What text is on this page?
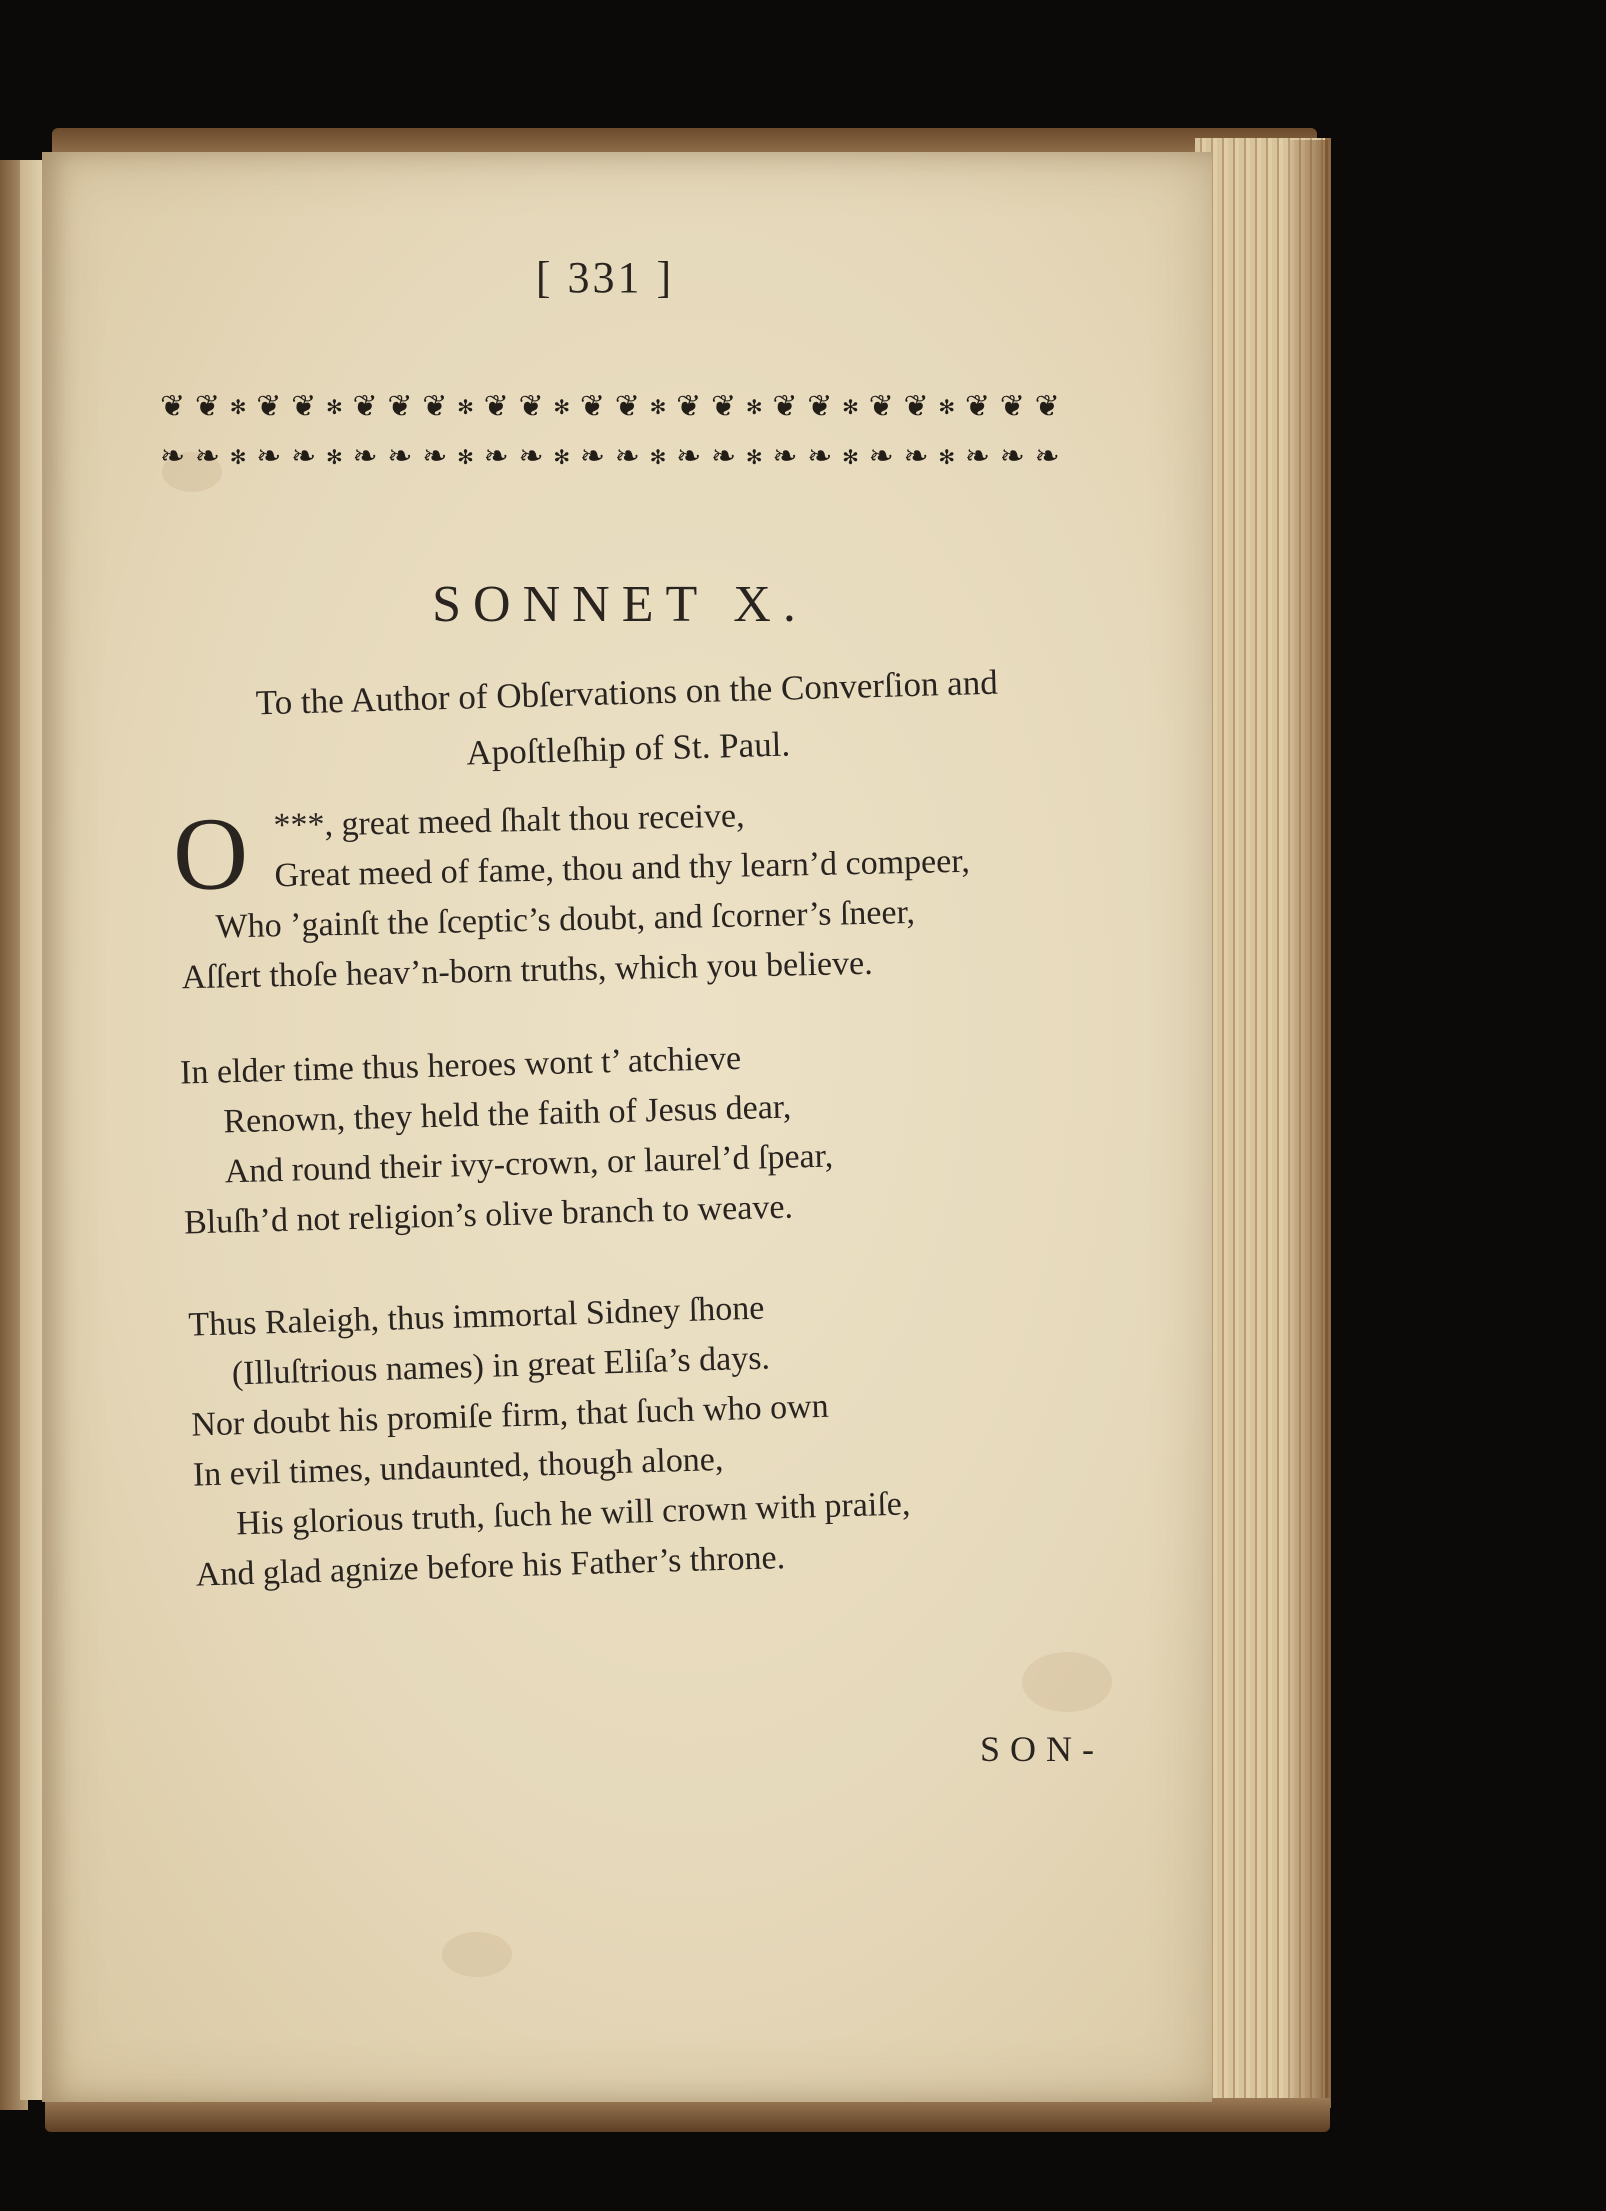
[ 331 ]
❦ ❦ ✻ ❦ ❦ ✻ ❦ ❦ ❦ ✻ ❦ ❦ ✻ ❦ ❦ ✻ ❦ ❦ ✻ ❦ ❦ ✻ ❦ ❦ ✻ ❦ ❦ ❦
❧ ❧ ✻ ❧ ❧ ✻ ❧ ❧ ❧ ✻ ❧ ❧ ✻ ❧ ❧ ✻ ❧ ❧ ✻ ❧ ❧ ✻ ❧ ❧ ✻ ❧ ❧ ❧
SONNET X.
To the Author of Obſervations on the Converſion and
Apoſtleſhip of St. Paul.
O ***, great meed ſhalt thou receive,
Great meed of fame, thou and thy learn’d compeer,
Who ’gainſt the ſceptic’s doubt, and ſcorner’s ſneer,
Aſſert thoſe heav’n-born truths, which you believe.
In elder time thus heroes wont t’ atchieve
Renown, they held the faith of Jesus dear,
And round their ivy-crown, or laurel’d ſpear,
Bluſh’d not religion’s olive branch to weave.
Thus Raleigh, thus immortal Sidney ſhone
(Illuſtrious names) in great Eliſa’s days.
Nor doubt his promiſe firm, that ſuch who own
In evil times, undaunted, though alone,
His glorious truth, ſuch he will crown with praiſe,
And glad agnize before his Father’s throne.
SON-
